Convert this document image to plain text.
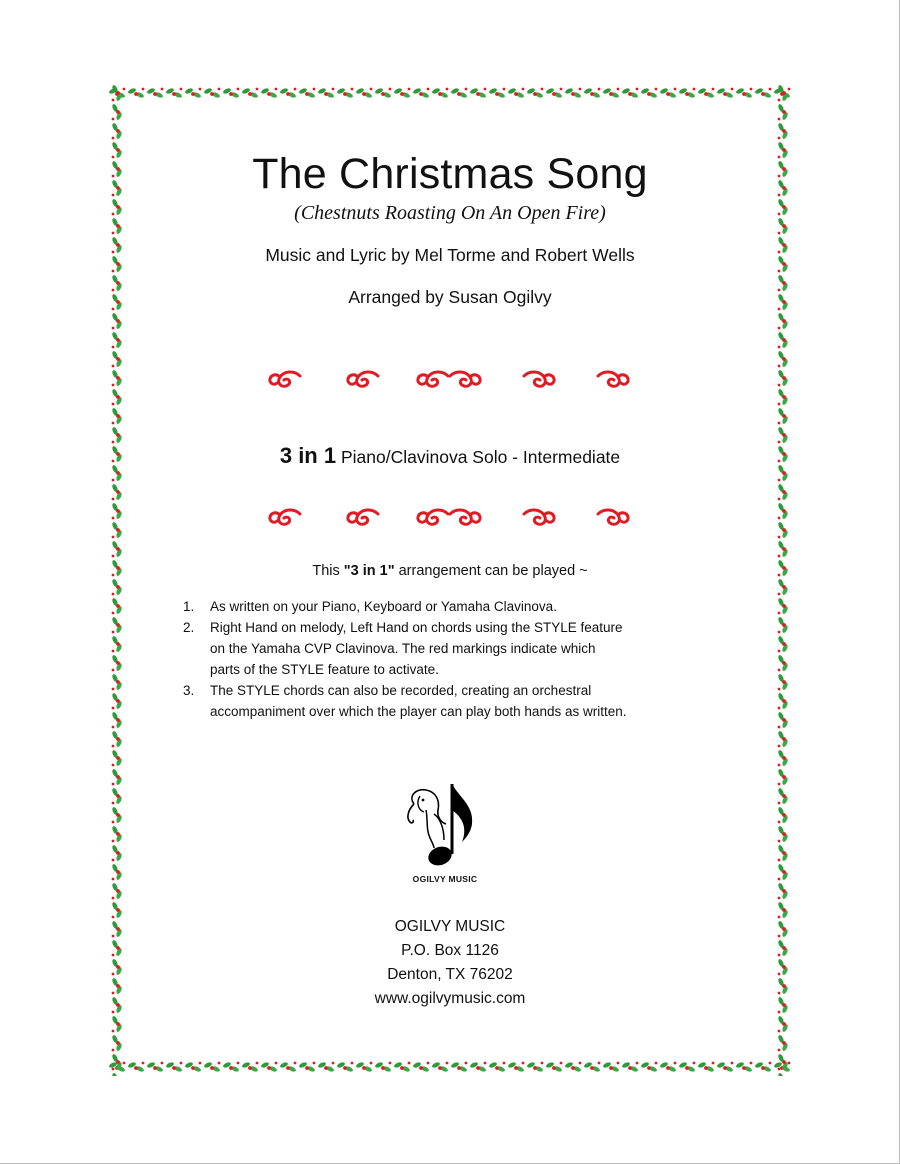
The Christmas Song
(Chestnuts Roasting On An Open Fire)
Music and Lyric by Mel Torme and Robert Wells
Arranged by Susan Ogilvy
3 in 1 Piano/Clavinova Solo - Intermediate
This "3 in 1" arrangement can be played ~
1. As written on your Piano, Keyboard or Yamaha Clavinova.
2. Right Hand on melody, Left Hand on chords using the STYLE feature
on the Yamaha CVP Clavinova. The red markings indicate which
parts of the STYLE feature to activate.
3. The STYLE chords can also be recorded, creating an orchestral
accompaniment over which the player can play both hands as written.
OGILVY MUSIC
OGILVY MUSIC
P.O. Box 1126
Denton, TX 76202
www.ogilvymusic.com
